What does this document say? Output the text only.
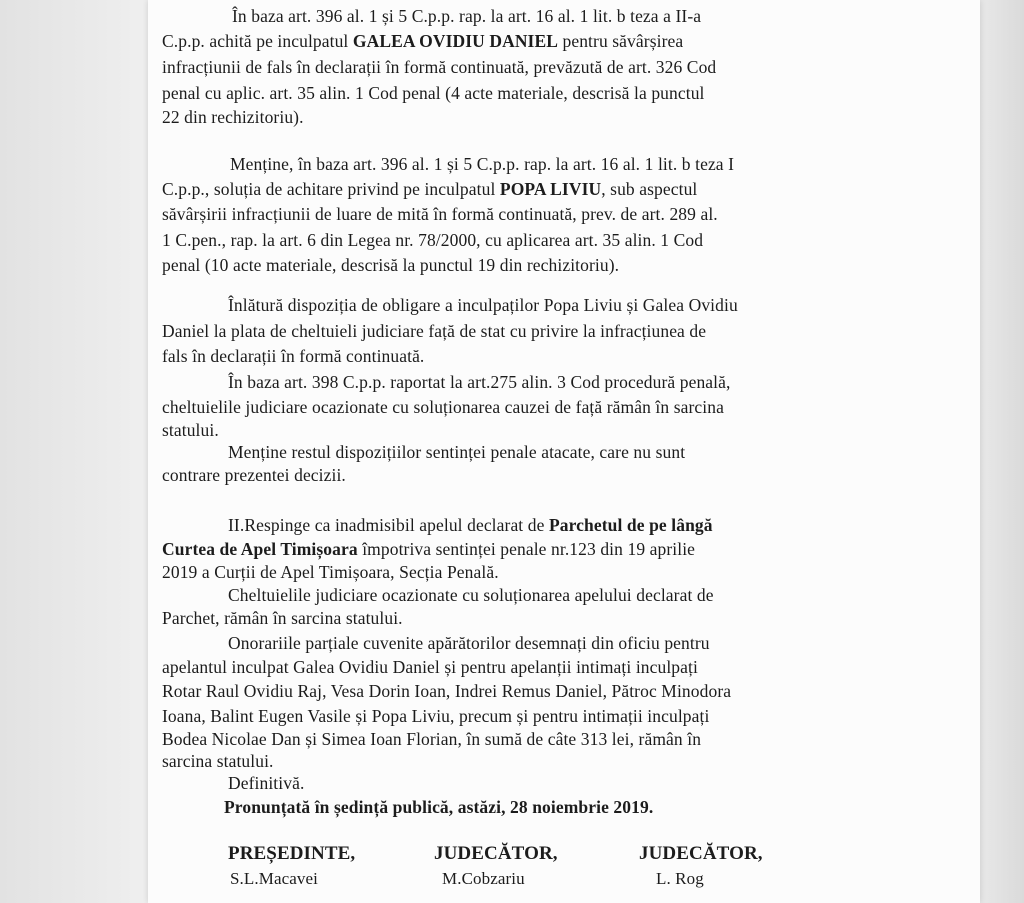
În baza art. 396 al. 1 și 5 C.p.p. rap. la art. 16 al. 1 lit. b teza a II-a
C.p.p. achită pe inculpatul GALEA OVIDIU DANIEL pentru săvârșirea
infracțiunii de fals în declarații în formă continuată, prevăzută de art. 326 Cod
penal cu aplic. art. 35 alin. 1 Cod penal (4 acte materiale, descrisă la punctul
22 din rechizitoriu).
Menține, în baza art. 396 al. 1 și 5 C.p.p. rap. la art. 16 al. 1 lit. b teza I
C.p.p., soluția de achitare privind pe inculpatul POPA LIVIU, sub aspectul
săvârșirii infracțiunii de luare de mită în formă continuată, prev. de art. 289 al.
1 C.pen., rap. la art. 6 din Legea nr. 78/2000, cu aplicarea art. 35 alin. 1 Cod
penal (10 acte materiale, descrisă la punctul 19 din rechizitoriu).
Înlătură dispoziția de obligare a inculpaților Popa Liviu și Galea Ovidiu
Daniel la plata de cheltuieli judiciare față de stat cu privire la infracțiunea de
fals în declarații în formă continuată.
În baza art. 398 C.p.p. raportat la art.275 alin. 3 Cod procedură penală,
cheltuielile judiciare ocazionate cu soluționarea cauzei de față rămân în sarcina
statului.
Menține restul dispozițiilor sentinței penale atacate, care nu sunt
contrare prezentei decizii.
II.Respinge ca inadmisibil apelul declarat de Parchetul de pe lângă
Curtea de Apel Timișoara împotriva sentinței penale nr.123 din 19 aprilie
2019 a Curții de Apel Timișoara, Secția Penală.
Cheltuielile judiciare ocazionate cu soluționarea apelului declarat de
Parchet, rămân în sarcina statului.
Onorariile parțiale cuvenite apărătorilor desemnați din oficiu pentru
apelantul inculpat Galea Ovidiu Daniel și pentru apelanții intimați inculpați
Rotar Raul Ovidiu Raj, Vesa Dorin Ioan, Indrei Remus Daniel, Pătroc Minodora
Ioana, Balint Eugen Vasile și Popa Liviu, precum și pentru intimații inculpați
Bodea Nicolae Dan și Simea Ioan Florian, în sumă de câte 313 lei, rămân în
sarcina statului.
Definitivă.
Pronunțată în ședință publică, astăzi, 28 noiembrie 2019.
PREȘEDINTE,
S.L.Macavei
JUDECĂTOR,
M.Cobzariu
JUDECĂTOR,
L. Rog
